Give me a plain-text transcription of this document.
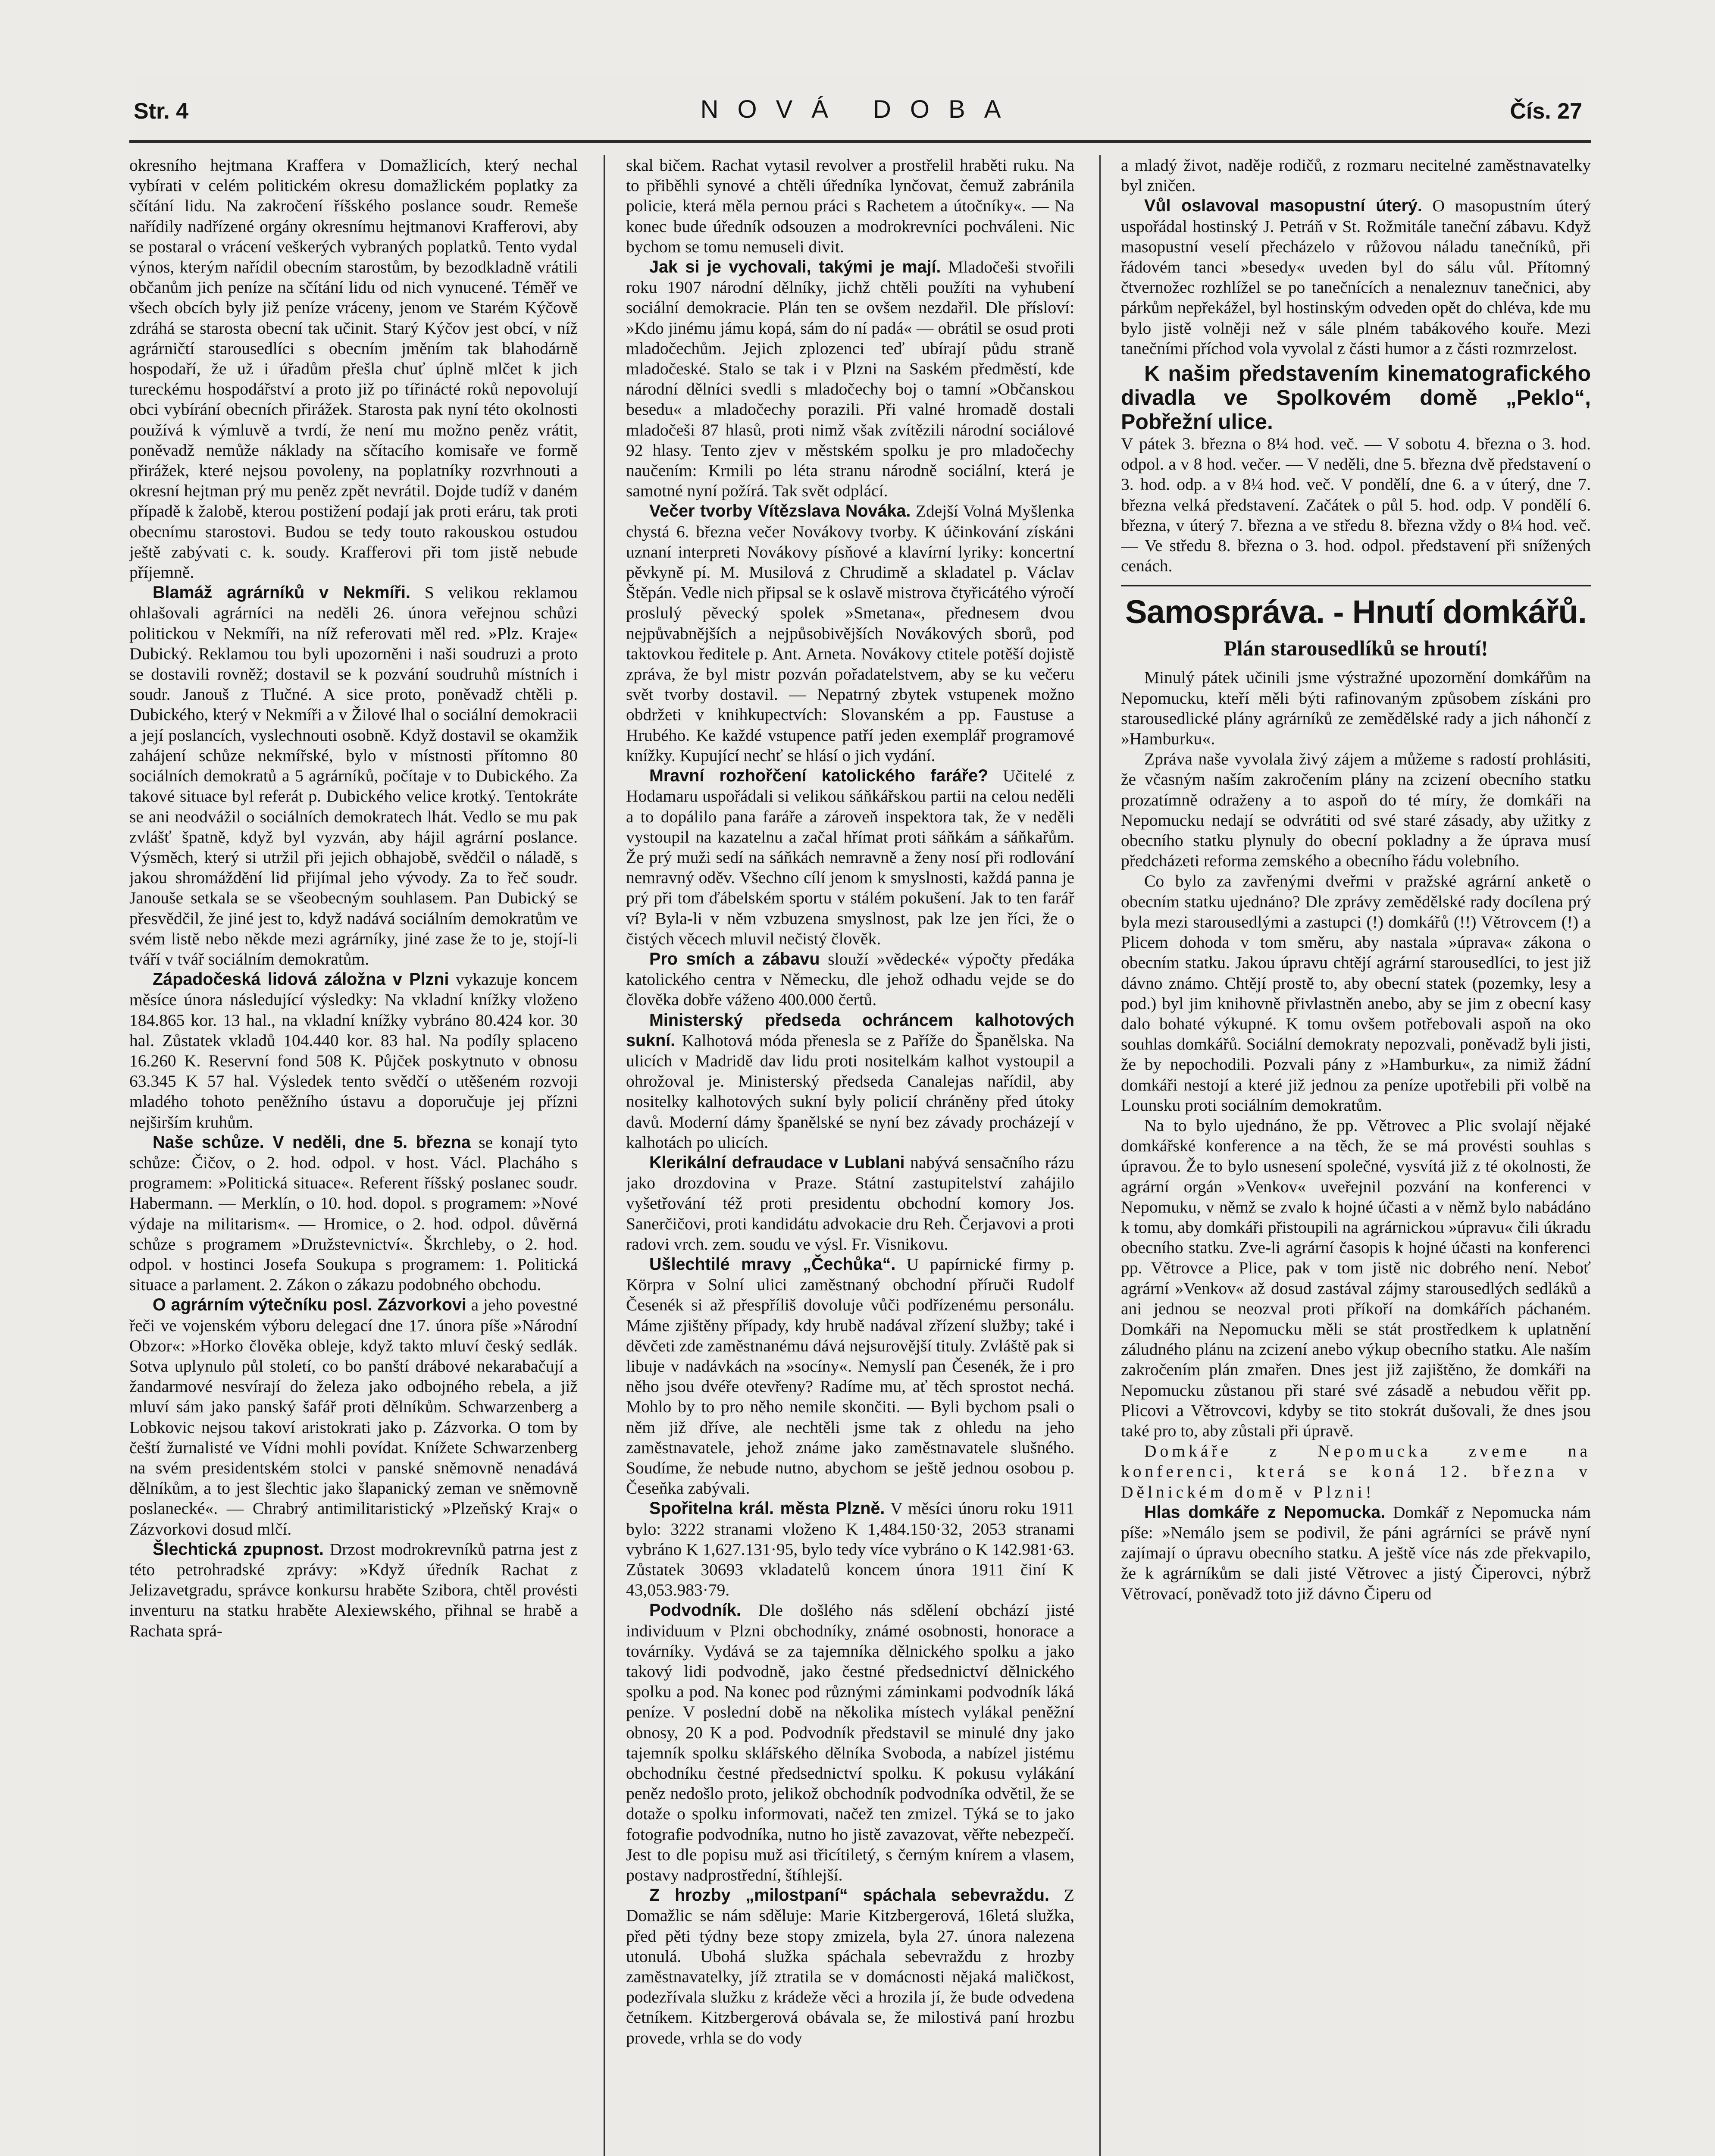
Str. 4	NOVÁ DOBA	Čís. 27

okresního hejtmana Kraffera v Domažlicích, který nechal vybírati v celém politickém okresu domažlickém poplatky za sčítání lidu. Na zakročení říšského poslance soudr. Remeše nařídily nadřízené orgány okresnímu hejtmanovi Krafferovi, aby se postaral o vrácení veškerých vybraných poplatků. Tento vydal výnos, kterým nařídil obecním starostům, by bezodkladně vrátili občanům jich peníze na sčítání lidu od nich vynucené. Téměř ve všech obcích byly již peníze vráceny, jenom ve Starém Kýčově zdráhá se starosta obecní tak učinit. Starý Kýčov jest obcí, v níž agrárničtí starousedlíci s obecním jměním tak blahodárně hospodaří, že už i úřadům přešla chuť úplně mlčet k jich tureckému hospodářství a proto již po tířinácté roků nepovolují obci vybírání obecních přirážek. Starosta pak nyní této okolnosti používá k výmluvě a tvrdí, že není mu možno peněz vrátit, poněvadž nemůže náklady na sčítacího komisaře ve formě přirážek, které nejsou povoleny, na poplatníky rozvrhnouti a okresní hejtman prý mu peněz zpět nevrátil. Dojde tudíž v daném případě k žalobě, kterou postižení podají jak proti eráru, tak proti obecnímu starostovi. Budou se tedy touto rakouskou ostudou ještě zabývati c. k. soudy. Krafferovi při tom jistě nebude příjemně.

Blamáž agrárníků v Nekmíři. S velikou reklamou ohlašovali agrárníci na neděli 26. února veřejnou schůzi politickou v Nekmíři, na níž referovati měl red. »Plz. Kraje« Dubický. Reklamou tou byli upozorněni i naši soudruzi a proto se dostavili rovněž; dostavil se k pozvání soudruhů místních i soudr. Janouš z Tlučné. A sice proto, poněvadž chtěli p. Dubického, který v Nekmíři a v Žilové lhal o sociální demokracii a její poslancích, vyslechnouti osobně. Když dostavil se okamžik zahájení schůze nekmířské, bylo v místnosti přítomno 80 sociálních demokratů a 5 agrárníků, počítaje v to Dubického. Za takové situace byl referát p. Dubického velice krotký. Tentokráte se ani neodvážil o sociálních demokratech lhát. Vedlo se mu pak zvlášť špatně, když byl vyzván, aby hájil agrární poslance. Výsměch, který si utržil při jejich obhajobě, svědčil o náladě, s jakou shromáždění lid přijímal jeho vývody. Za to řeč soudr. Janouše setkala se se všeobecným souhlasem. Pan Dubický se přesvědčil, že jiné jest to, když nadává sociálním demokratům ve svém listě nebo někde mezi agrárníky, jiné zase že to je, stojí-li tváří v tvář sociálním demokratům.

Západočeská lidová záložna v Plzni vykazuje koncem měsíce února následující výsledky: Na vkladní knížky vloženo 184.865 kor. 13 hal., na vkladní knížky vybráno 80.424 kor. 30 hal. Zůstatek vkladů 104.440 kor. 83 hal. Na podíly splaceno 16.260 K. Reservní fond 508 K. Půjček poskytnuto v obnosu 63.345 K 57 hal. Výsledek tento svědčí o utěšeném rozvoji mladého tohoto peněžního ústavu a doporučuje jej přízni nejširším kruhům.

Naše schůze. V neděli, dne 5. března se konají tyto schůze: Čičov, o 2. hod. odpol. v host. Václ. Placháho s programem: »Politická situace«. Referent říšský poslanec soudr. Habermann. — Merklín, o 10. hod. dopol. s programem: »Nové výdaje na militarism«. — Hromice, o 2. hod. odpol. důvěrná schůze s programem »Družstevnictví«. Škrchleby, o 2. hod. odpol. v hostinci Josefa Soukupa s programem: 1. Politická situace a parlament. 2. Zákon o zákazu podobného obchodu.

O agrárním výtečníku posl. Zázvorkovi a jeho povestné řeči ve vojenském výboru delegací dne 17. února píše »Národní Obzor«: »Horko člověka obleje, když takto mluví český sedlák. Sotva uplynulo půl století, co bo panští drábové nekarabačují a žandarmové nesvírají do železa jako odbojného rebela, a již mluví sám jako panský šafář proti dělníkům. Schwarzenberg a Lobkovic nejsou takoví aristokrati jako p. Zázvorka. O tom by čeští žurnalisté ve Vídni mohli povídat. Knížete Schwarzenberg na svém presidentském stolci v panské sněmovně nenadává dělníkům, a to jest šlechtic jako šlapanický zeman ve sněmovně poslanecké«. — Chrabrý antimilitaristický »Plzeňský Kraj« o Zázvorkovi dosud mlčí.

Šlechtická zpupnost. Drzost modrokrevníků patrna jest z této petrohradské zprávy: »Když úředník Rachat z Jelizavetgradu, správce konkursu hraběte Szibora, chtěl provésti inventuru na statku hraběte Alexiewského, přihnal se hrabě a Rachata sprá-

skal bičem. Rachat vytasil revolver a prostřelil hraběti ruku. Na to přiběhli synové a chtěli úředníka lynčovat, čemuž zabránila policie, která měla pernou práci s Rachetem a útočníky«. — Na konec bude úředník odsouzen a modrokrevníci pochváleni. Nic bychom se tomu nemuseli divit.

Jak si je vychovali, takými je mají. Mladočeši stvořili roku 1907 národní dělníky, jichž chtěli použíti na vyhubení sociální demokracie. Plán ten se ovšem nezdařil. Dle přísloví: »Kdo jinému jámu kopá, sám do ní padá« — obrátil se osud proti mladočechům. Jejich zplozenci teď ubírají půdu straně mladočeské. Stalo se tak i v Plzni na Saském předměstí, kde národní dělníci svedli s mladočechy boj o tamní »Občanskou besedu« a mladočechy porazili. Při valné hromadě dostali mladočeši 87 hlasů, proti nimž však zvítězili národní sociálové 92 hlasy. Tento zjev v městském spolku je pro mladočechy naučením: Krmili po léta stranu národně sociální, která je samotné nyní požírá. Tak svět odplácí.

Večer tvorby Vítězslava Nováka. Zdejší Volná Myšlenka chystá 6. března večer Novákovy tvorby. K účinkování získáni uznaní interpreti Novákovy písňové a klavírní lyriky: koncertní pěvkyně pí. M. Musilová z Chrudimě a skladatel p. Václav Štěpán. Vedle nich připsal se k oslavě mistrova čtyřicátého výročí proslulý pěvecký spolek »Smetana«, přednesem dvou nejpůvabnějších a nejpůsobivějších Novákových sborů, pod taktovkou ředitele p. Ant. Arneta. Novákovy ctitele potěší dojistě zpráva, že byl mistr pozván pořadatelstvem, aby se ku večeru svět tvorby dostavil. — Nepatrný zbytek vstupenek možno obdržeti v knihkupectvích: Slovanském a pp. Faustuse a Hrubého. Ke každé vstupence patří jeden exemplář programové knížky. Kupující nechť se hlásí o jich vydání.

Mravní rozhořčení katolického faráře? Učitelé z Hodamaru uspořádali si velikou sáňkářskou partii na celou neděli a to dopálilo pana faráře a zároveň inspektora tak, že v neděli vystoupil na kazatelnu a začal hřímat proti sáňkám a sáňkařům. Že prý muži sedí na sáňkách nemravně a ženy nosí při rodlování nemravný oděv. Všechno cílí jenom k smyslnosti, každá panna je prý při tom ďábelském sportu v stálém pokušení. Jak to ten farář ví? Byla-li v něm vzbuzena smyslnost, pak lze jen říci, že o čistých věcech mluvil nečistý člověk.

Pro smích a zábavu slouží »vědecké« výpočty předáka katolického centra v Německu, dle jehož odhadu vejde se do člověka dobře váženo 400.000 čertů.

Ministerský předseda ochráncem kalhotových sukní. Kalhotová móda přenesla se z Paříže do Španělska. Na ulicích v Madridě dav lidu proti nositelkám kalhot vystoupil a ohrožoval je. Ministerský předseda Canalejas nařídil, aby nositelky kalhotových sukní byly policií chráněny před útoky davů. Moderní dámy španělské se nyní bez závady procházejí v kalhotách po ulicích.

Klerikální defraudace v Lublani nabývá sensačního rázu jako drozdovina v Praze. Státní zastupitelství zahájilo vyšetřování též proti presidentu obchodní komory Jos. Sanerčičovi, proti kandidátu advokacie dru Reh. Čerjavovi a proti radovi vrch. zem. soudu ve výsl. Fr. Visnikovu.

Ušlechtilé mravy „Čechůka“. U papírnické firmy p. Körpra v Solní ulici zaměstnaný obchodní příruči Rudolf Česenék si až přespříliš dovoluje vůči podřízenému personálu. Máme zjištěny případy, kdy hrubě nadával zřízení služby; také i děvčeti zde zaměstnanému dává nejsurovější tituly. Zvláště pak si libuje v nadávkách na »socíny«. Nemyslí pan Česenék, že i pro něho jsou dvéře otevřeny? Radíme mu, ať těch sprostot nechá. Mohlo by to pro něho nemile skončiti. — Byli bychom psali o něm již dříve, ale nechtěli jsme tak z ohledu na jeho zaměstnavatele, jehož známe jako zaměstnavatele slušného. Soudíme, že nebude nutno, abychom se ještě jednou osobou p. Česeňka zabývali.

Spořitelna král. města Plzně. V měsíci únoru roku 1911 bylo: 3222 stranami vloženo K 1,484.150·32, 2053 stranami vybráno K 1,627.131·95, bylo tedy více vybráno o K 142.981·63. Zůstatek 30693 vkladatelů koncem února 1911 činí K 43,053.983·79.

Podvodník. Dle došlého nás sdělení obchází jisté individuum v Plzni obchodníky, známé osobnosti, honorace a továrníky. Vydává se za tajemníka dělnického spolku a jako takový lidi podvodně, jako čestné předsednictví dělnického spolku a pod. Na konec pod různými záminkami podvodník láká peníze. V poslední době na několika místech vylákal peněžní obnosy, 20 K a pod. Podvodník představil se minulé dny jako tajemník spolku sklářského dělníka Svoboda, a nabízel jistému obchodníku čestné předsednictví spolku. K pokusu vylákání peněz nedošlo proto, jelikož obchodník podvodníka odvětil, že se dotaže o spolku informovati, načež ten zmizel. Týká se to jako fotografie podvodníka, nutno ho jistě zavazovat, věřte nebezpečí. Jest to dle popisu muž asi třicítiletý, s černým knírem a vlasem, postavy nadprostřední, štíhlejší.

Z hrozby „milostpaní“ spáchala sebevraždu. Z Domažlic se nám sděluje: Marie Kitzbergerová, 16letá služka, před pěti týdny beze stopy zmizela, byla 27. února nalezena utonulá. Ubohá služka spáchala sebevraždu z hrozby zaměstnavatelky, jíž ztratila se v domácnosti nějaká maličkost, podezřívala služku z krádeže věci a hrozila jí, že bude odvedena četníkem. Kitzbergerová obávala se, že milostivá paní hrozbu provede, vrhla se do vody

a mladý život, naděje rodičů, z rozmaru necitelné zaměstnavatelky byl zničen.

Vůl oslavoval masopustní úterý. O masopustním úterý uspořádal hostinský J. Petráň v St. Rožmitále taneční zábavu. Když masopustní veselí přecházelo v růžovou náladu tanečníků, při řádovém tanci »besedy« uveden byl do sálu vůl. Přítomný čtvernožec rozhlížel se po tanečnících a nenaleznuv tanečnici, aby párkům nepřekážel, byl hostinským odveden opět do chléva, kde mu bylo jistě volněji než v sále plném tabákového kouře. Mezi tanečními příchod vola vyvolal z části humor a z části rozmrzelost.

K našim představením kinematografického divadla ve Spolkovém domě „Peklo“, Pobřežní ulice.

V pátek 3. března o 8¼ hod. več. — V sobotu 4. března o 3. hod. odpol. a v 8 hod. večer. — V neděli, dne 5. března dvě představení o 3. hod. odp. a v 8¼ hod. več. V pondělí, dne 6. a v úterý, dne 7. března velká představení. Začátek o půl 5. hod. odp. V pondělí 6. března, v úterý 7. března a ve středu 8. března vždy o 8¼ hod. več. — Ve středu 8. března o 3. hod. odpol. představení při snížených cenách.

Samospráva. - Hnutí domkářů.
Plán starousedlíků se hroutí!

Minulý pátek učinili jsme výstražné upozornění domkářům na Nepomucku, kteří měli býti rafinovaným způsobem získáni pro starousedlické plány agrárníků ze zemědělské rady a jich náhončí z »Hamburku«.

Zpráva naše vyvolala živý zájem a můžeme s radostí prohlásiti, že včasným naším zakročením plány na zcizení obecního statku prozatímně odraženy a to aspoň do té míry, že domkáři na Nepomucku nedají se odvrátiti od své staré zásady, aby užitky z obecního statku plynuly do obecní pokladny a že úprava musí předcházeti reforma zemského a obecního řádu volebního.

Co bylo za zavřenými dveřmi v pražské agrární anketě o obecním statku ujednáno? Dle zprávy zemědělské rady docílena prý byla mezi starousedlými a zastupci (!) domkářů (!!) Větrovcem (!) a Plicem dohoda v tom směru, aby nastala »úprava« zákona o obecním statku. Jakou úpravu chtějí agrární starousedlíci, to jest již dávno známo. Chtějí prostě to, aby obecní statek (pozemky, lesy a pod.) byl jim knihovně přivlastněn anebo, aby se jim z obecní kasy dalo bohaté výkupné. K tomu ovšem potřebovali aspoň na oko souhlas domkářů. Sociální demokraty nepozvali, poněvadž byli jisti, že by nepochodili. Pozvali pány z »Hamburku«, za nimiž žádní domkáři nestojí a které již jednou za peníze upotřebili při volbě na Lounsku proti sociálním demokratům.

Na to bylo ujednáno, že pp. Větrovec a Plic svolají nějaké domkářské konference a na těch, že se má provésti souhlas s úpravou. Že to bylo usnesení společné, vysvítá již z té okolnosti, že agrární orgán »Venkov« uveřejnil pozvání na konferenci v Nepomuku, v němž se zvalo k hojné účasti a v němž bylo nabádáno k tomu, aby domkáři přistoupili na agrárnickou »úpravu« čili úkradu obecního statku. Zve-li agrární časopis k hojné účasti na konferenci pp. Větrovce a Plice, pak v tom jistě nic dobrého není. Neboť agrární »Venkov« až dosud zastával zájmy starousedlých sedláků a ani jednou se neozval proti příkoří na domkářích páchaném. Domkáři na Nepomucku měli se stát prostředkem k uplatnění záludného plánu na zcizení anebo výkup obecního statku. Ale naším zakročením plán zmařen. Dnes jest již zajištěno, že domkáři na Nepomucku zůstanou při staré své zásadě a nebudou věřit pp. Plicovi a Větrovcovi, kdyby se tito stokrát dušovali, že dnes jsou také pro to, aby zůstali při úpravě.

Domkáře z Nepomucka zveme na konferenci, která se koná 12. března v Dělnickém domě v Plzni!

Hlas domkáře z Nepomucka. Domkář z Nepomucka nám píše: »Nemálo jsem se podivil, že páni agrárníci se právě nyní zajímají o úpravu obecního statku. A ještě více nás zde překvapilo, že k agrárníkům se dali jisté Větrovec a jistý Čiperovci, nýbrž Větrovací, poněvadž toto již dávno Čiperu od
